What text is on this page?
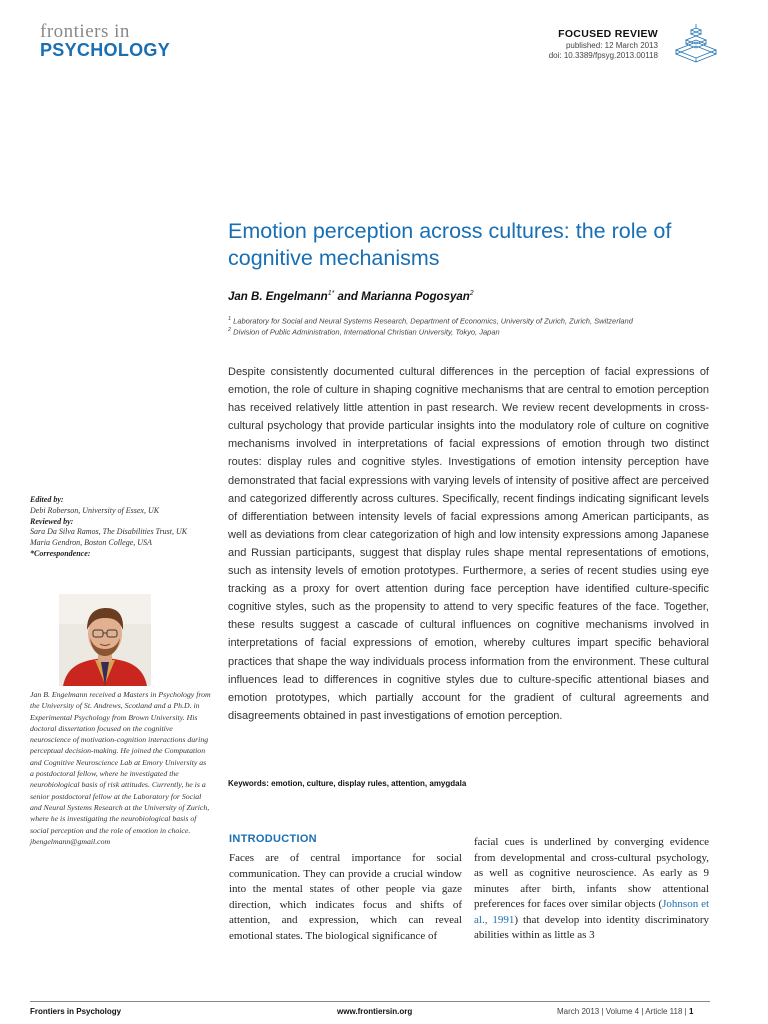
frontiers in
PSYCHOLOGY
FOCUSED REVIEW
published: 12 March 2013
doi: 10.3389/fpsyg.2013.00118
Emotion perception across cultures: the role of cognitive mechanisms
Jan B. Engelmann$^{1*}$ and Marianna Pogosyan$^2$
$^1$ Laboratory for Social and Neural Systems Research, Department of Economics, University of Zurich, Zurich, Switzerland
$^2$ Division of Public Administration, International Christian University, Tokyo, Japan

Despite consistently documented cultural differences in the perception of facial expressions of emotion, the role of culture in shaping cognitive mechanisms that are central to emotion perception has received relatively little attention in past research. We review recent developments in cross-cultural psychology that provide particular insights into the modulatory role of culture on cognitive mechanisms involved in interpretations of facial expressions of emotion through two distinct routes: display rules and cognitive styles. Investigations of emotion intensity perception have demonstrated that facial expressions with varying levels of intensity of positive affect are perceived and categorized differently across cultures. Specifically, recent findings indicating significant levels of differentiation between intensity levels of facial expressions among American participants, as well as deviations from clear categorization of high and low intensity expressions among Japanese and Russian participants, suggest that display rules shape mental representations of emotions, such as intensity levels of emotion prototypes. Furthermore, a series of recent studies using eye tracking as a proxy for overt attention during face perception have identified culture-specific cognitive styles, such as the propensity to attend to very specific features of the face. Together, these results suggest a cascade of cultural influences on cognitive mechanisms involved in interpretations of facial expressions of emotion, whereby cultures impart specific behavioral practices that shape the way individuals process information from the environment. These cultural influences lead to differences in cognitive styles due to culture-specific attentional biases and emotion prototypes, which partially account for the gradient of cultural agreements and disagreements obtained in past investigations of emotion perception.

Keywords: emotion, culture, display rules, attention, amygdala
Edited by:
Debi Roberson, University of Essex, UK
Reviewed by:
Sara Da Silva Ramos, The Disabilities Trust, UK
Maria Gendron, Boston College, USA
*Correspondence:

Jan B. Engelmann received a Masters in Psychology from the University of St. Andrews, Scotland and a Ph.D. in Experimental Psychology from Brown University. His doctoral dissertation focused on the cognitive neuroscience of motivation-cognition interactions during perceptual decision-making. He joined the Computation and Cognitive Neuroscience Lab at Emory University as a postdoctoral fellow, where he investigated the neurobiological basis of risk attitudes. Currently, he is a senior postdoctoral fellow at the Laboratory for Social and Neural Systems Research at the University of Zurich, where he is investigating the neurobiological basis of social perception and the role of emotion in choice.
jbengelmann@gmail.com	INTRODUCTION

Faces are of central importance for social communication. They can provide a crucial window into the mental states of other people via gaze direction, which indicates focus and shifts of attention, and expression, which can reveal emotional states. The biological significance of

facial cues is underlined by converging evidence from developmental and cross-cultural psychology, as well as cognitive neuroscience. As early as 9 minutes after birth, infants show attentional preferences for faces over similar objects (Johnson et al., 1991) that develop into identity discriminatory abilities within as little as 3

Frontiers in Psychology	www.frontiersin.org	March 2013 | Volume 4 | Article 118 | 1
